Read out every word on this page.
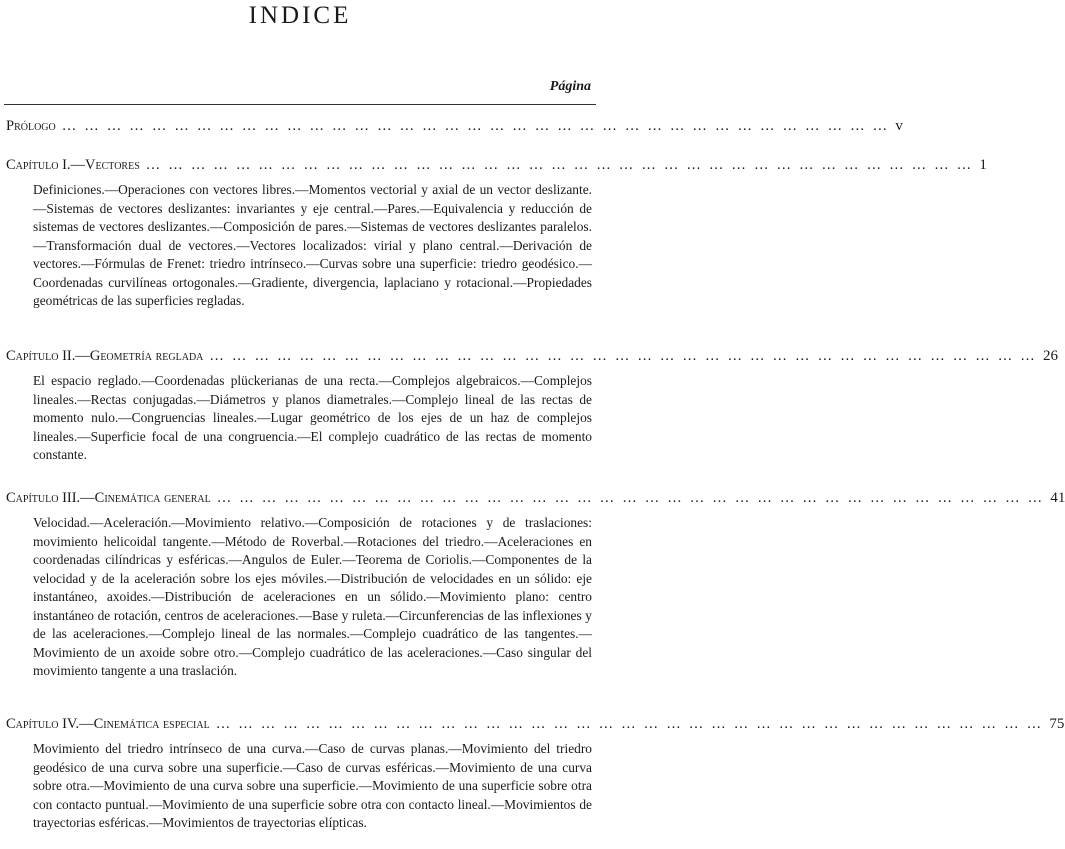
INDICE
Página
Prólogo … … … … … … … … … … … … … … … … … … … … … … … … … … … … … … … … … … … … … v
Capítulo I.—Vectores … … … … … … … … … … … … … … … … … … … … … … … … … … … … … … … … … … … … … 1
Definiciones.—Operaciones con vectores libres.—Momentos vectorial y axial de un vector deslizante.—Sistemas de vectores deslizantes: invariantes y eje central.—Pares.—Equivalencia y reducción de sistemas de vectores deslizantes.—Composición de pares.—Sistemas de vectores deslizantes paralelos.—Transformación dual de vectores.—Vectores localizados: virial y plano central.—Derivación de vectores.—Fórmulas de Frenet: triedro intrínseco.—Curvas sobre una superficie: triedro geodésico.—Coordenadas curvilíneas ortogonales.—Gradiente, divergencia, laplaciano y rotacional.—Propiedades geométricas de las superficies regladas.
Capítulo II.—Geometría reglada … … … … … … … … … … … … … … … … … … … … … … … … … … … … … … … … … … … … … 26
El espacio reglado.—Coordenadas plückerianas de una recta.—Complejos algebraicos.—Complejos lineales.—Rectas conjugadas.—Diámetros y planos diametrales.—Complejo lineal de las rectas de momento nulo.—Congruencias lineales.—Lugar geométrico de los ejes de un haz de complejos lineales.—Superficie focal de una congruencia.—El complejo cuadrático de las rectas de momento constante.
Capítulo III.—Cinemática general … … … … … … … … … … … … … … … … … … … … … … … … … … … … … … … … … … … … … 41
Velocidad.—Aceleración.—Movimiento relativo.—Composición de rotaciones y de traslaciones: movimiento helicoidal tangente.—Método de Roverbal.—Rotaciones del triedro.—Aceleraciones en coordenadas cilíndricas y esféricas.—Angulos de Euler.—Teorema de Coriolis.—Componentes de la velocidad y de la aceleración sobre los ejes móviles.—Distribución de velocidades en un sólido: eje instantáneo, axoides.—Distribución de aceleraciones en un sólido.—Movimiento plano: centro instantáneo de rotación, centros de aceleraciones.—Base y ruleta.—Circunferencias de las inflexiones y de las aceleraciones.—Complejo lineal de las normales.—Complejo cuadrático de las tangentes.—Movimiento de un axoide sobre otro.—Complejo cuadrático de las aceleraciones.—Caso singular del movimiento tangente a una traslación.
Capítulo IV.—Cinemática especial … … … … … … … … … … … … … … … … … … … … … … … … … … … … … … … … … … … … … 75
Movimiento del triedro intrínseco de una curva.—Caso de curvas planas.—Movimiento del triedro geodésico de una curva sobre una superficie.—Caso de curvas esféricas.—Movimiento de una curva sobre otra.—Movimiento de una curva sobre una superficie.—Movimiento de una superficie sobre otra con contacto puntual.—Movimiento de una superficie sobre otra con contacto lineal.—Movimientos de trayectorias esféricas.—Movimientos de trayectorias elípticas.
